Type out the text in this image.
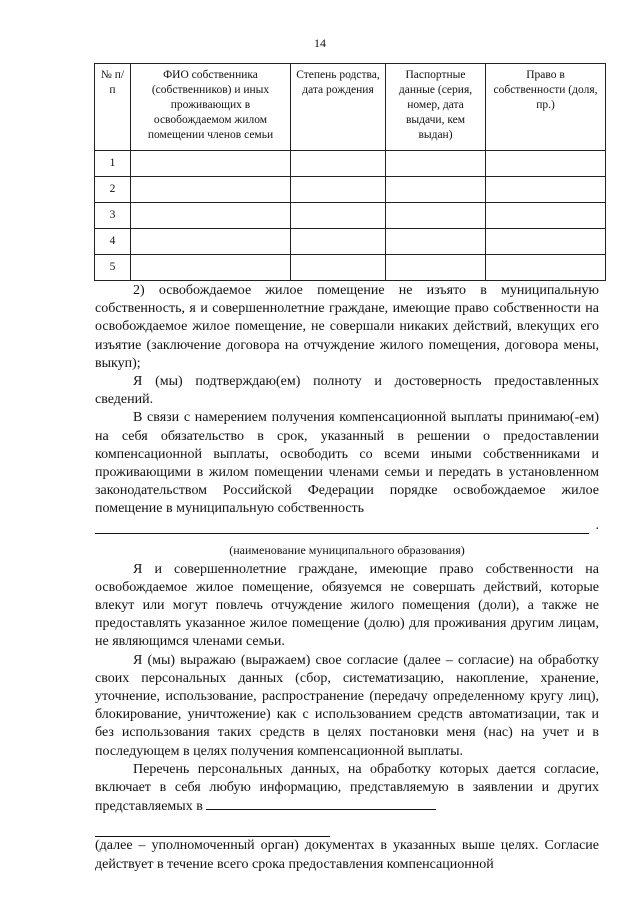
14
№ п/п	ФИО собственника (собственников) и иных проживающих в освобождаемом жилом помещении членов семьи	Степень родства, дата рождения	Паспортные данные (серия, номер, дата выдачи, кем выдан)	Право в собственности (доля, пр.)
1				
2				
3				
4				
5				

2) освобождаемое жилое помещение не изъято в муниципальную собственность, я и совершеннолетние граждане, имеющие право собственности на освобождаемое жилое помещение, не совершали никаких действий, влекущих его изъятие (заключение договора на отчуждение жилого помещения, договора мены, выкуп);

Я (мы) подтверждаю(ем) полноту и достоверность предоставленных сведений.

В связи с намерением получения компенсационной выплаты принимаю(-ем) на себя обязательство в срок, указанный в решении о предоставлении компенсационной выплаты, освободить со всеми иными собственниками и проживающими в жилом помещении членами семьи и передать в установленном законодательством Российской Федерации порядке освобождаемое жилое помещение в муниципальную собственность

.
(наименование муниципального образования)

Я и совершеннолетние граждане, имеющие право собственности на освобождаемое жилое помещение, обязуемся не совершать действий, которые влекут или могут повлечь отчуждение жилого помещения (доли), а также не предоставлять указанное жилое помещение (долю) для проживания другим лицам, не являющимся членами семьи.

Я (мы) выражаю (выражаем) свое согласие (далее – согласие) на обработку своих персональных данных (сбор, систематизацию, накопление, хранение, уточнение, использование, распространение (передачу определенному кругу лиц), блокирование, уничтожение) как с использованием средств автоматизации, так и без использования таких средств в целях постановки меня (нас) на учет и в последующем в целях получения компенсационной выплаты.

Перечень персональных данных, на обработку которых дается согласие, включает в себя любую информацию, представляемую в заявлении и других представляемых в

(далее – уполномоченный орган) документах в указанных выше целях. Согласие действует в течение всего срока предоставления компенсационной
